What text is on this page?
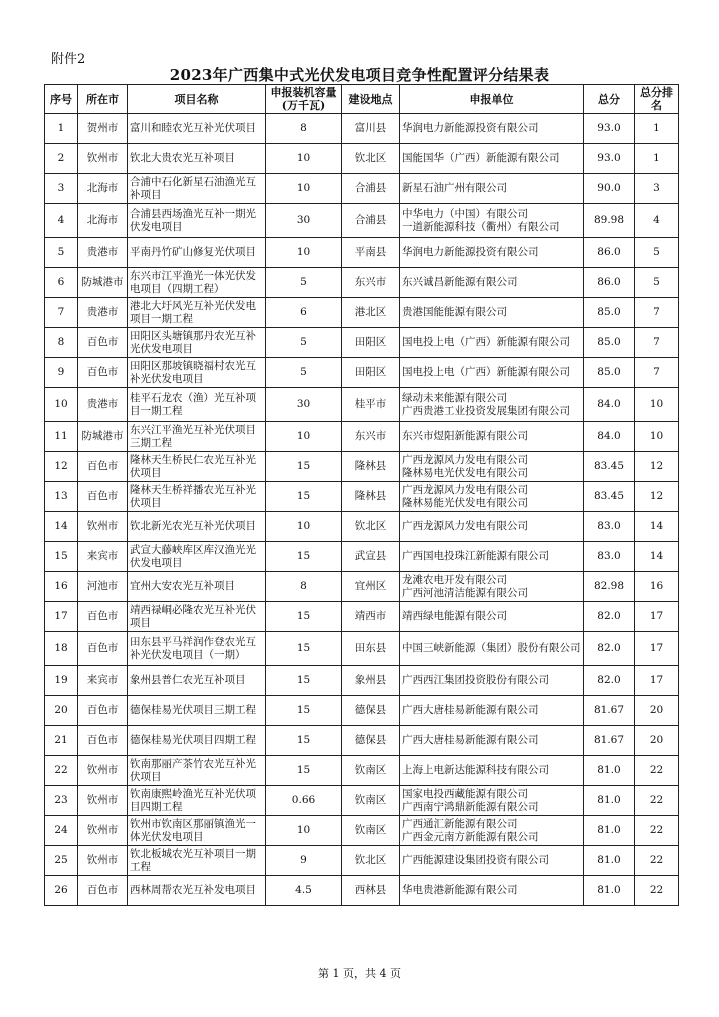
附件2
2023年广西集中式光伏发电项目竞争性配置评分结果表
序号	所在市	项目名称	申报装机容量(万千瓦)	建设地点	申报单位	总分	总分排名
1	贺州市	富川和睦农光互补光伏项目	8	富川县	华润电力新能源投资有限公司	93.0	1
2	钦州市	钦北大贵农光互补项目	10	钦北区	国能国华（广西）新能源有限公司	93.0	1
3	北海市	合浦中石化新星石油渔光互补项目	10	合浦县	新星石油广州有限公司	90.0	3
4	北海市	合浦县西场渔光互补一期光伏发电项目	30	合浦县	中华电力（中国）有限公司
一道新能源科技（衢州）有限公司	89.98	4
5	贵港市	平南丹竹矿山修复光伏项目	10	平南县	华润电力新能源投资有限公司	86.0	5
6	防城港市	东兴市江平渔光一体光伏发电项目（四期工程）	5	东兴市	东兴诚昌新能源有限公司	86.0	5
7	贵港市	港北大圩风光互补光伏发电项目一期工程	6	港北区	贵港国能能源有限公司	85.0	7
8	百色市	田阳区头塘镇那丹农光互补光伏发电项目	5	田阳区	国电投上电（广西）新能源有限公司	85.0	7
9	百色市	田阳区那坡镇晓福村农光互补光伏发电项目	5	田阳区	国电投上电（广西）新能源有限公司	85.0	7
10	贵港市	桂平石龙农（渔）光互补项目一期工程	30	桂平市	绿动未来能源有限公司
广西贵港工业投资发展集团有限公司	84.0	10
11	防城港市	东兴江平渔光互补光伏项目三期工程	10	东兴市	东兴市煜阳新能源有限公司	84.0	10
12	百色市	隆林天生桥民仁农光互补光伏项目	15	隆林县	广西龙源风力发电有限公司
隆林易电光伏发电有限公司	83.45	12
13	百色市	隆林天生桥祥播农光互补光伏项目	15	隆林县	广西龙源风力发电有限公司
隆林易能光伏发电有限公司	83.45	12
14	钦州市	钦北新光农光互补光伏项目	10	钦北区	广西龙源风力发电有限公司	83.0	14
15	来宾市	武宣大藤峡库区库汉渔光光伏发电项目	15	武宣县	广西国电投珠江新能源有限公司	83.0	14
16	河池市	宜州大安农光互补项目	8	宜州区	龙滩农电开发有限公司
广西河池清洁能源有限公司	82.98	16
17	百色市	靖西禄峒必隆农光互补光伏项目	15	靖西市	靖西绿电能源有限公司	82.0	17
18	百色市	田东县平马祥润作登农光互补光伏发电项目（一期）	15	田东县	中国三峡新能源（集团）股份有限公司	82.0	17
19	来宾市	象州县普仁农光互补项目	15	象州县	广西西江集团投资股份有限公司	82.0	17
20	百色市	德保桂易光伏项目三期工程	15	德保县	广西大唐桂易新能源有限公司	81.67	20
21	百色市	德保桂易光伏项目四期工程	15	德保县	广西大唐桂易新能源有限公司	81.67	20
22	钦州市	钦南那丽产茶竹农光互补光伏项目	15	钦南区	上海上电新达能源科技有限公司	81.0	22
23	钦州市	钦南康熙岭渔光互补光伏项目四期工程	0.66	钦南区	国家电投西藏能源有限公司
广西南宁鸿鼎新能源有限公司	81.0	22
24	钦州市	钦州市钦南区那丽镇渔光一体光伏发电项目	10	钦南区	广西通汇新能源有限公司
广西金元南方新能源有限公司	81.0	22
25	钦州市	钦北板城农光互补项目一期工程	9	钦北区	广西能源建设集团投资有限公司	81.0	22
26	百色市	西林周帮农光互补发电项目	4.5	西林县	华电贵港新能源有限公司	81.0	22
第 1 页，共 4 页
